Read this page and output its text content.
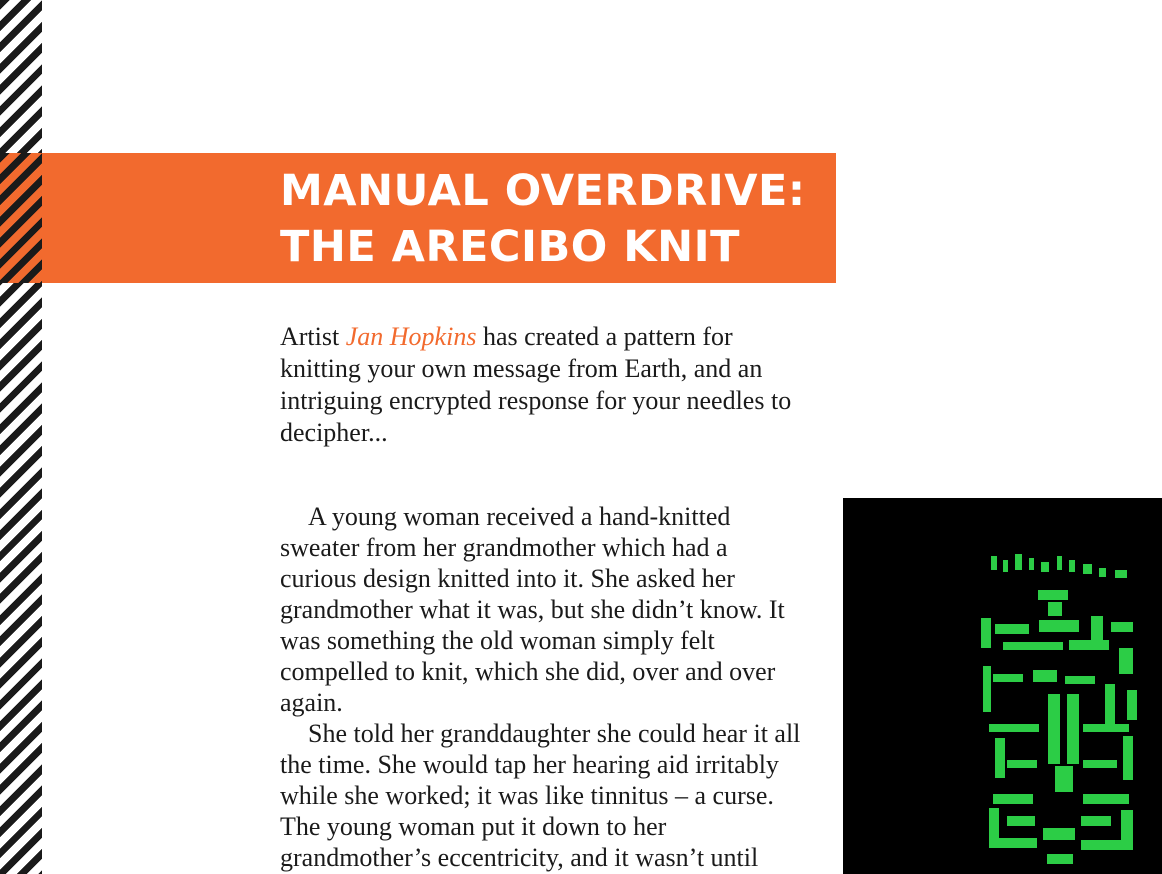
MANUAL OVERDRIVE:
THE ARECIBO KNIT

Artist Jan Hopkins has created a pattern for knitting your own message from Earth, and an intriguing encrypted response for your needles to decipher...

A young woman received a hand-knitted sweater from her grandmother which had a curious design knitted into it. She asked her grandmother what it was, but she didn’t know. It was something the old woman simply felt compelled to knit, which she did, over and over again.

She told her granddaughter she could hear it all the time. She would tap her hearing aid irritably while she worked; it was like tinnitus – a curse. The young woman put it down to her grandmother’s eccentricity, and it wasn’t until
